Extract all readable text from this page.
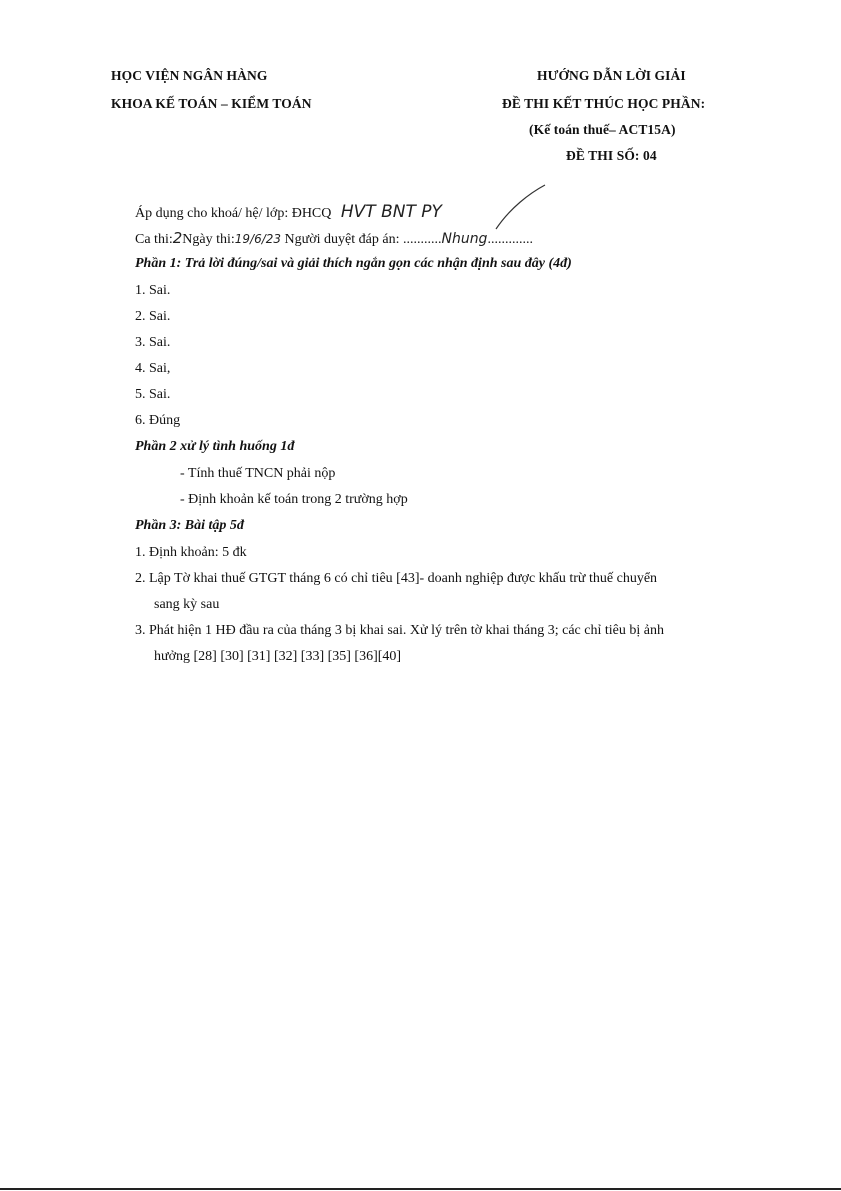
HỌC VIỆN NGÂN HÀNG
KHOA KẾ TOÁN – KIỂM TOÁN
HƯỚNG DẪN LỜI GIẢI
ĐỀ THI KẾT THÚC HỌC PHẦN:
(Kế toán thuế– ACT15A)
ĐỀ THI SỐ: 04
Áp dụng cho khoá/ hệ/ lớp: ĐHCQ HVT BNT PY
Ca thi:2Ngày thi:19/6/23 Người duyệt đáp án: ...........Nhung.............
Phần 1: Trả lời đúng/sai và giải thích ngắn gọn các nhận định sau đây (4đ)
1. Sai.
2. Sai.
3. Sai.
4. Sai,
5. Sai.
6. Đúng
Phần 2 xử lý tình huống 1đ
- Tính thuế TNCN phải nộp
- Định khoản kế toán trong 2 trường hợp
Phần 3: Bài tập 5đ
1. Định khoản: 5 đk
2. Lập Tờ khai thuế GTGT tháng 6 có chỉ tiêu [43]- doanh nghiệp được khấu trừ thuế chuyển
sang kỳ sau
3. Phát hiện 1 HĐ đầu ra của tháng 3 bị khai sai. Xử lý trên tờ khai tháng 3; các chỉ tiêu bị ảnh
hưởng [28] [30] [31] [32] [33] [35] [36][40]
